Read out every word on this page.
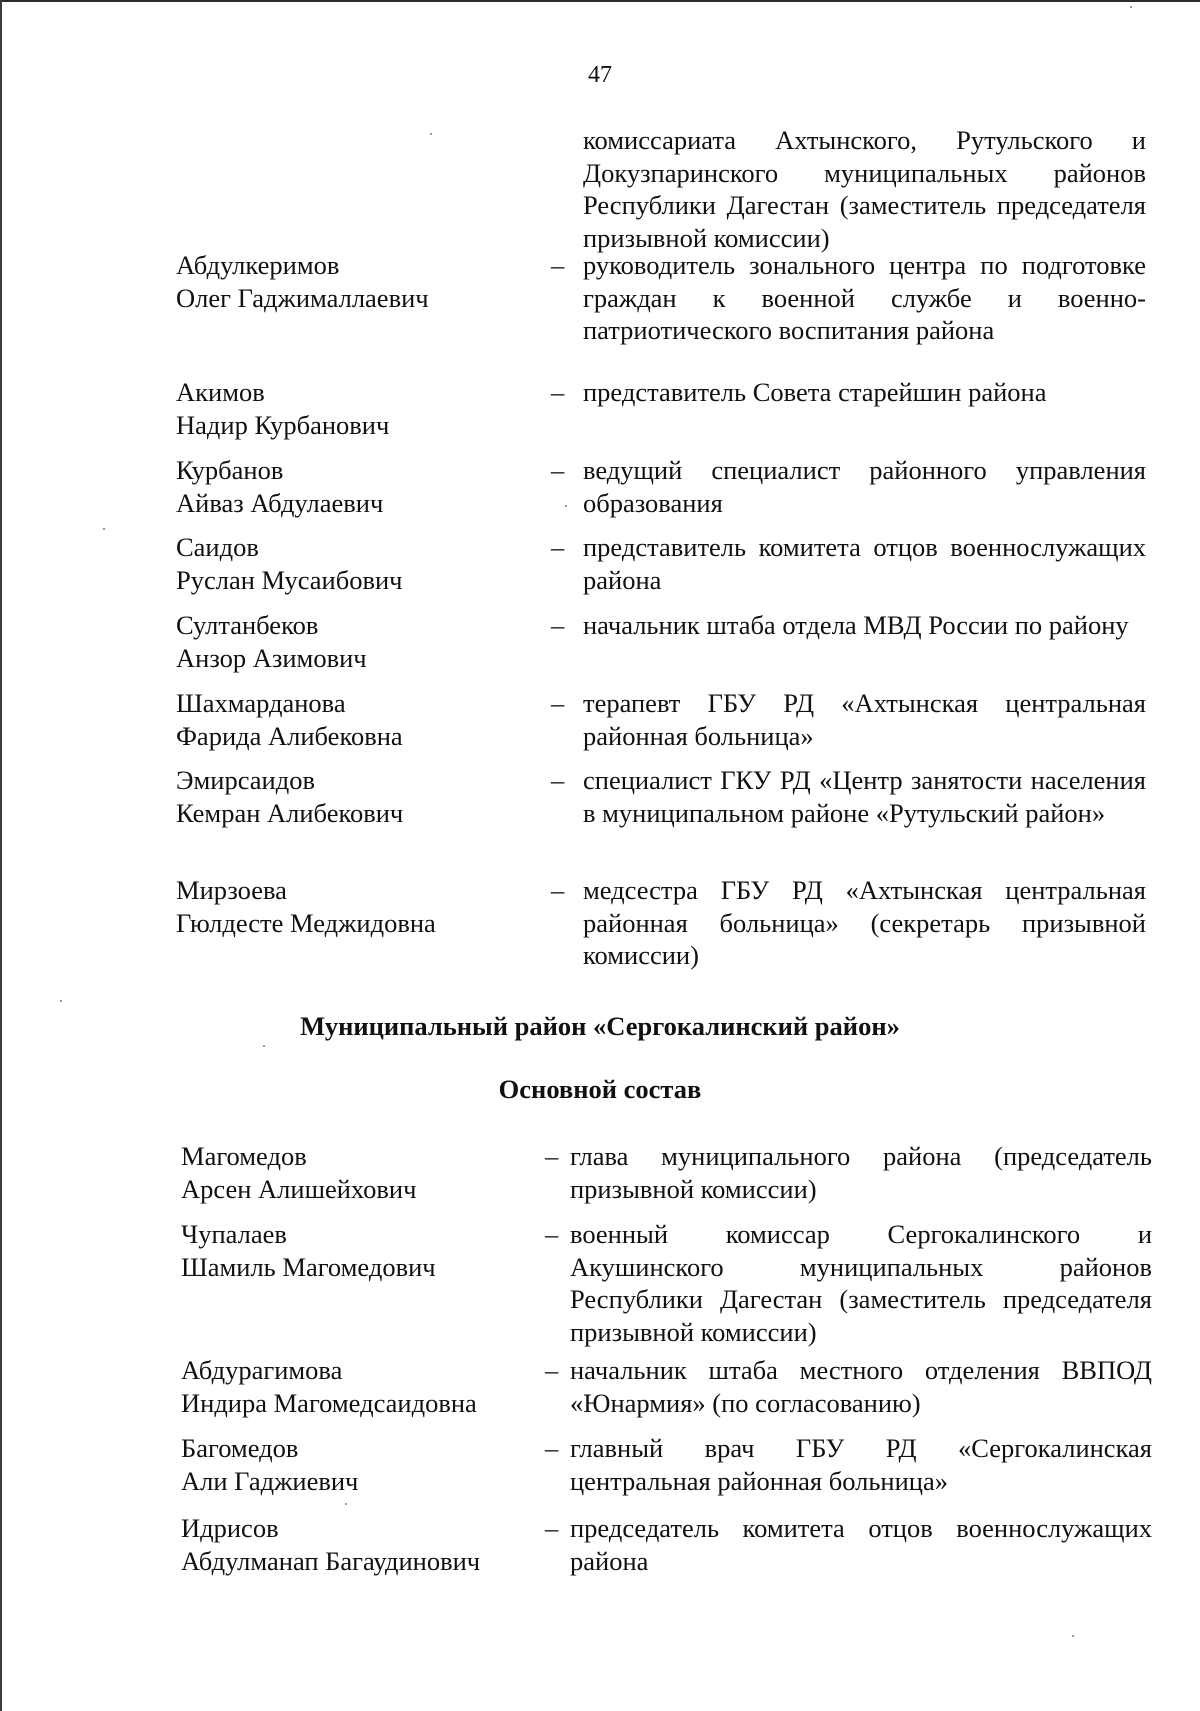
47
комиссариата Ахтынского, Рутульского и Докузпаринского муниципальных районов Республики Дагестан (заместитель председателя призывной комиссии)
Абдулкеримов
Олег Гаджималлаевич
– руководитель зонального центра по подготовке граждан к военной службе и военно-патриотического воспитания района
Акимов
Надир Курбанович
– представитель Совета старейшин района
Курбанов
Айваз Абдулаевич
– ведущий специалист районного управления образования
Саидов
Руслан Мусаибович
– представитель комитета отцов военнослужащих района
Султанбеков
Анзор Азимович
– начальник штаба отдела МВД России по району
Шахмарданова
Фарида Алибековна
– терапевт ГБУ РД «Ахтынская центральная районная больница»
Эмирсаидов
Кемран Алибекович
– специалист ГКУ РД «Центр занятости населения в муниципальном районе «Рутульский район»
Мирзоева
Гюлдесте Меджидовна
– медсестра ГБУ РД «Ахтынская центральная районная больница» (секретарь призывной комиссии)
Муниципальный район «Сергокалинский район»
Основной состав
Магомедов
Арсен Алишейхович
– глава муниципального района (председатель призывной комиссии)
Чупалаев
Шамиль Магомедович
– военный комиссар Сергокалинского и Акушинского муниципальных районов Республики Дагестан (заместитель председателя призывной комиссии)
Абдурагимова
Индира Магомедсаидовна
– начальник штаба местного отделения ВВПОД «Юнармия» (по согласованию)
Багомедов
Али Гаджиевич
– главный врач ГБУ РД «Сергокалинская центральная районная больница»
Идрисов
Абдулманап Багаудинович
– председатель комитета отцов военнослужащих района
